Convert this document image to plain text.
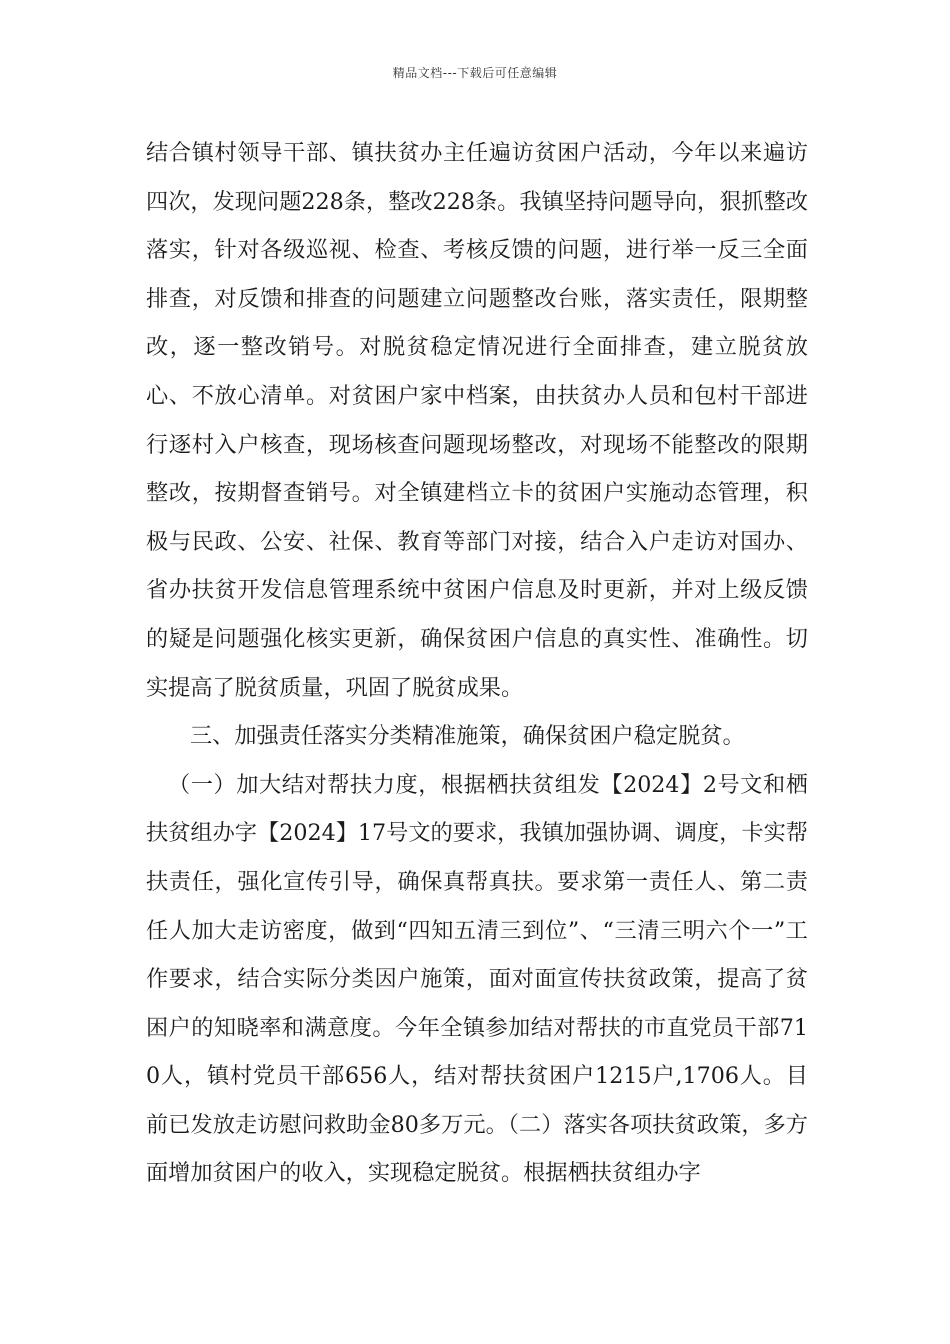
精品文档---下载后可任意编辑

结合镇村领导干部、镇扶贫办主任遍访贫困户活动，今年以来遍访四次，发现问题228条，整改228条。我镇坚持问题导向，狠抓整改落实，针对各级巡视、检查、考核反馈的问题，进行举一反三全面排查，对反馈和排查的问题建立问题整改台账，落实责任，限期整改，逐一整改销号。对脱贫稳定情况进行全面排查，建立脱贫放心、不放心清单。对贫困户家中档案，由扶贫办人员和包村干部进行逐村入户核查，现场核查问题现场整改，对现场不能整改的限期整改，按期督查销号。对全镇建档立卡的贫困户实施动态管理，积极与民政、公安、社保、教育等部门对接，结合入户走访对国办、省办扶贫开发信息管理系统中贫困户信息及时更新，并对上级反馈的疑是问题强化核实更新，确保贫困户信息的真实性、准确性。切实提高了脱贫质量，巩固了脱贫成果。

三、加强责任落实分类精准施策，确保贫困户稳定脱贫。

（一）加大结对帮扶力度，根据栖扶贫组发【2024】2号文和栖扶贫组办字【2024】17号文的要求，我镇加强协调、调度，卡实帮扶责任，强化宣传引导，确保真帮真扶。要求第一责任人、第二责任人加大走访密度，做到“四知五清三到位”、“三清三明六个一”工作要求，结合实际分类因户施策，面对面宣传扶贫政策，提高了贫困户的知晓率和满意度。今年全镇参加结对帮扶的市直党员干部710人，镇村党员干部656人，结对帮扶贫困户1215户,1706人。目前已发放走访慰问救助金80多万元。（二）落实各项扶贫政策，多方面增加贫困户的收入，实现稳定脱贫。根据栖扶贫组办字
